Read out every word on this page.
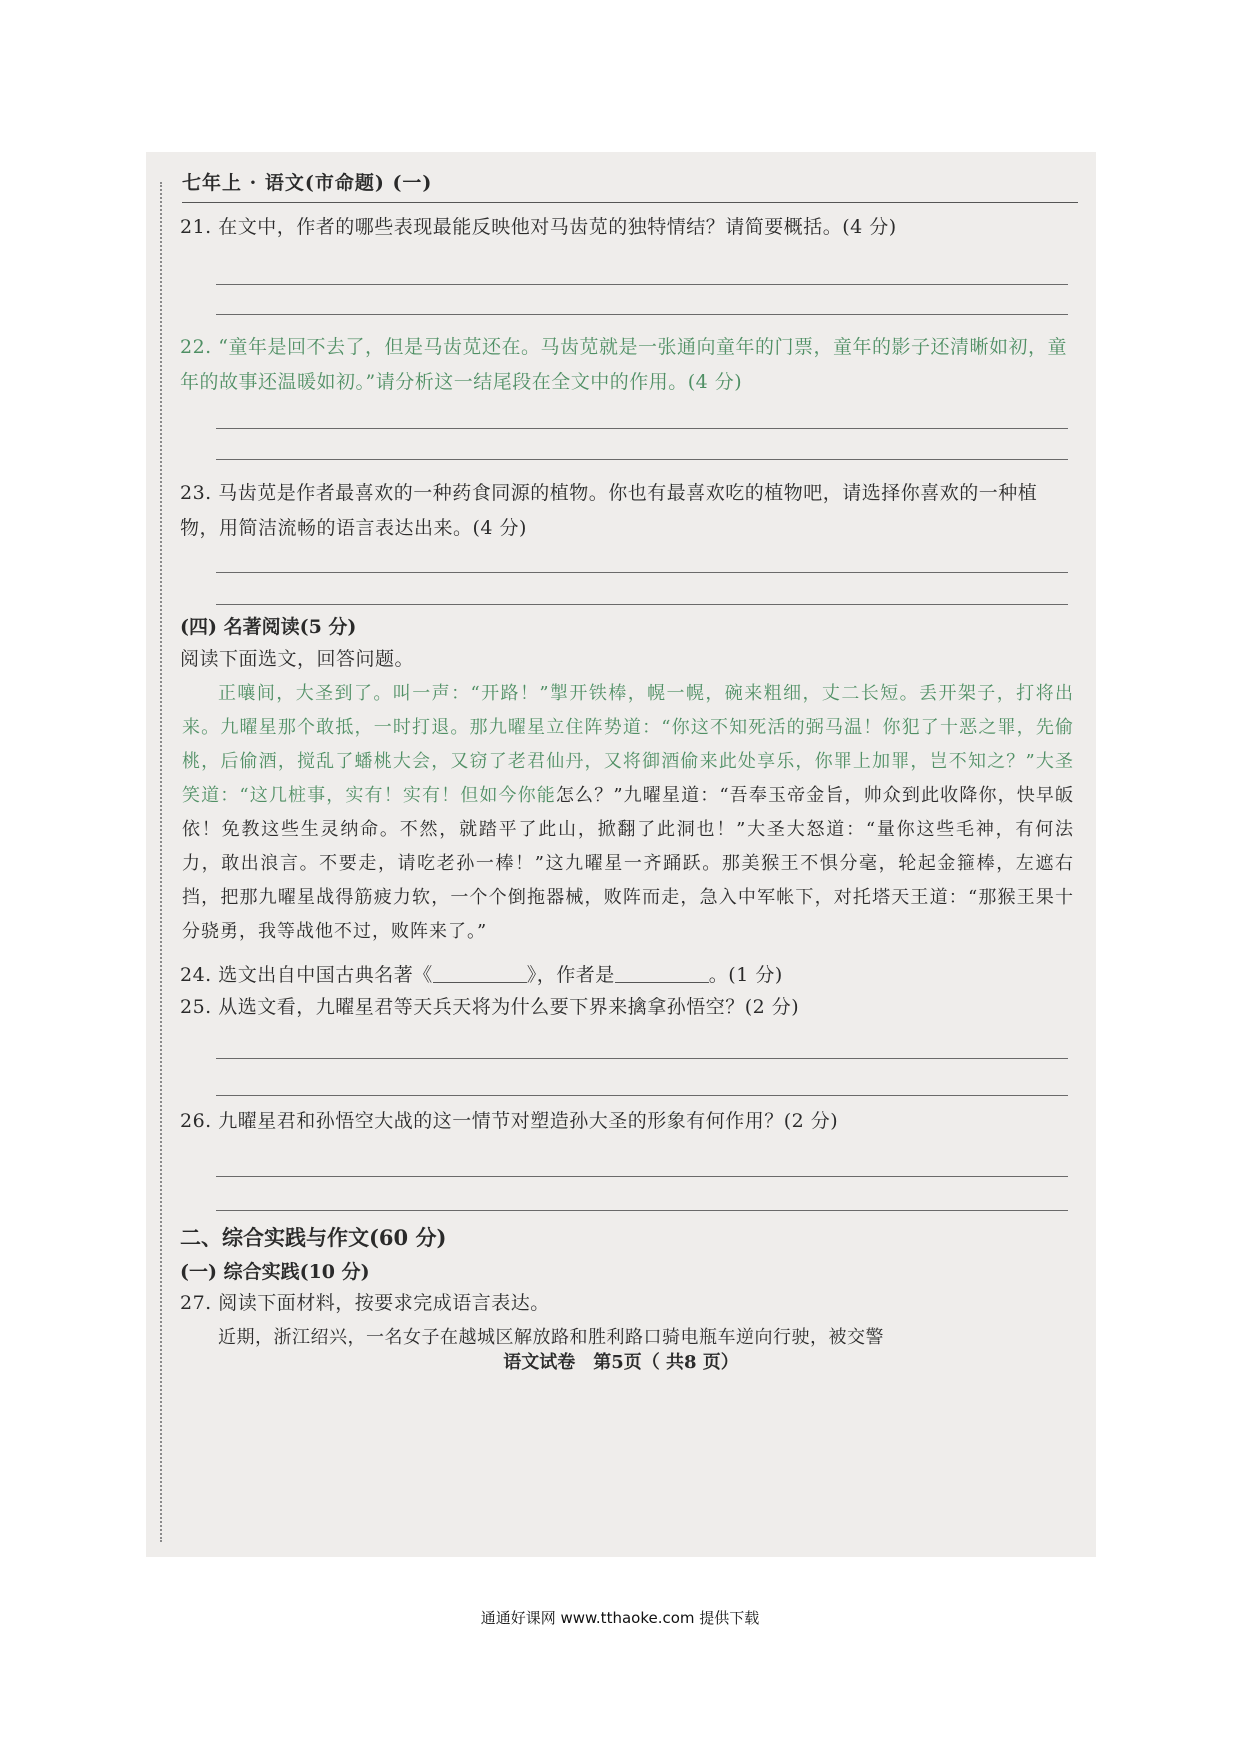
七年上 · 语文(市命题) (一)
21. 在文中，作者的哪些表现最能反映他对马齿苋的独特情结？请简要概括。(4 分)
22. “童年是回不去了，但是马齿苋还在。马齿苋就是一张通向童年的门票，童年的影子还清晰如初，童年的故事还温暖如初。”请分析这一结尾段在全文中的作用。(4 分)
23. 马齿苋是作者最喜欢的一种药食同源的植物。你也有最喜欢吃的植物吧，请选择你喜欢的一种植物，用简洁流畅的语言表达出来。(4 分)
(四) 名著阅读(5 分)
阅读下面选文，回答问题。
正嚷间，大圣到了。叫一声：“开路！”掣开铁棒，幌一幌，碗来粗细，丈二长短。丢开架子，打将出来。九曜星那个敢抵，一时打退。那九曜星立住阵势道：“你这不知死活的弼马温！你犯了十恶之罪，先偷桃，后偷酒，搅乱了蟠桃大会，又窃了老君仙丹，又将御酒偷来此处享乐，你罪上加罪，岂不知之？”大圣笑道：“这几桩事，实有！实有！但如今你能怎么？”九曜星道：“吾奉玉帝金旨，帅众到此收降你，快早皈依！免教这些生灵纳命。不然，就踏平了此山，掀翻了此洞也！”大圣大怒道：“量你这些毛神，有何法力，敢出浪言。不要走，请吃老孙一棒！”这九曜星一齐踊跃。那美猴王不惧分毫，轮起金箍棒，左遮右挡，把那九曜星战得筋疲力软，一个个倒拖器械，败阵而走，急入中军帐下，对托塔天王道：“那猴王果十分骁勇，我等战他不过，败阵来了。”
24. 选文出自中国古典名著《	》，作者是	。(1 分)
25. 从选文看，九曜星君等天兵天将为什么要下界来擒拿孙悟空？(2 分)
26. 九曜星君和孙悟空大战的这一情节对塑造孙大圣的形象有何作用？(2 分)
二、综合实践与作文(60 分)
(一) 综合实践(10 分)
27. 阅读下面材料，按要求完成语言表达。
近期，浙江绍兴，一名女子在越城区解放路和胜利路口骑电瓶车逆向行驶，被交警
语文试卷　第5页（ 共8 页）
通通好课网 www.tthaoke.com 提供下载
